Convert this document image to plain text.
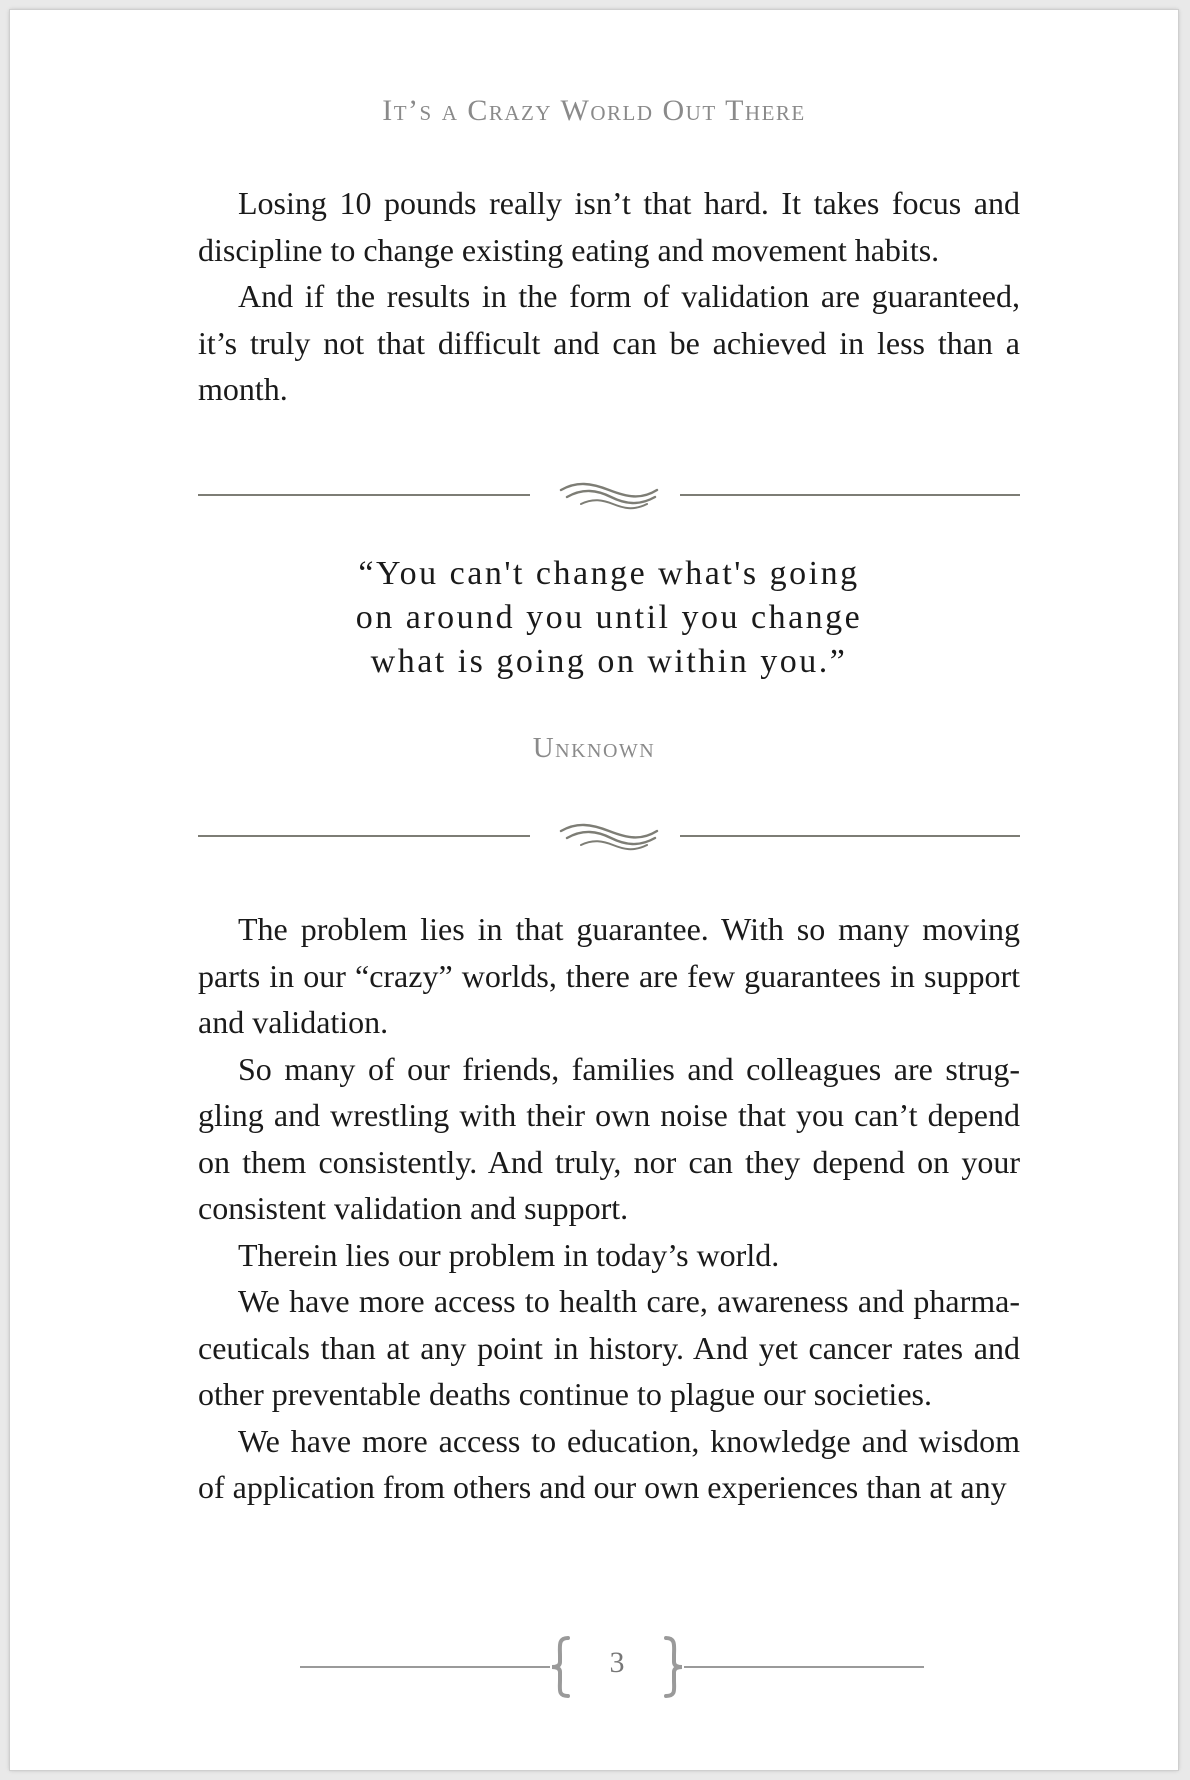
It’s a Crazy World Out There

Losing 10 pounds really isn’t that hard. It takes focus and discipline to change existing eating and movement habits.

And if the results in the form of validation are guaranteed, it’s truly not that difficult and can be achieved in less than a month.

“You can't change what's going
on around you until you change
what is going on within you.”
Unknown

The problem lies in that guarantee. With so many moving parts in our “crazy” worlds, there are few guarantees in support and validation.

So many of our friends, families and colleagues are struggling and wrestling with their own noise that you can’t depend on them consistently. And truly, nor can they depend on your consistent validation and support.

Therein lies our problem in today’s world.

We have more access to health care, awareness and pharmaceuticals than at any point in history. And yet cancer rates and other preventable deaths continue to plague our societies.

We have more access to education, knowledge and wisdom of application from others and our own experiences than at any

3
